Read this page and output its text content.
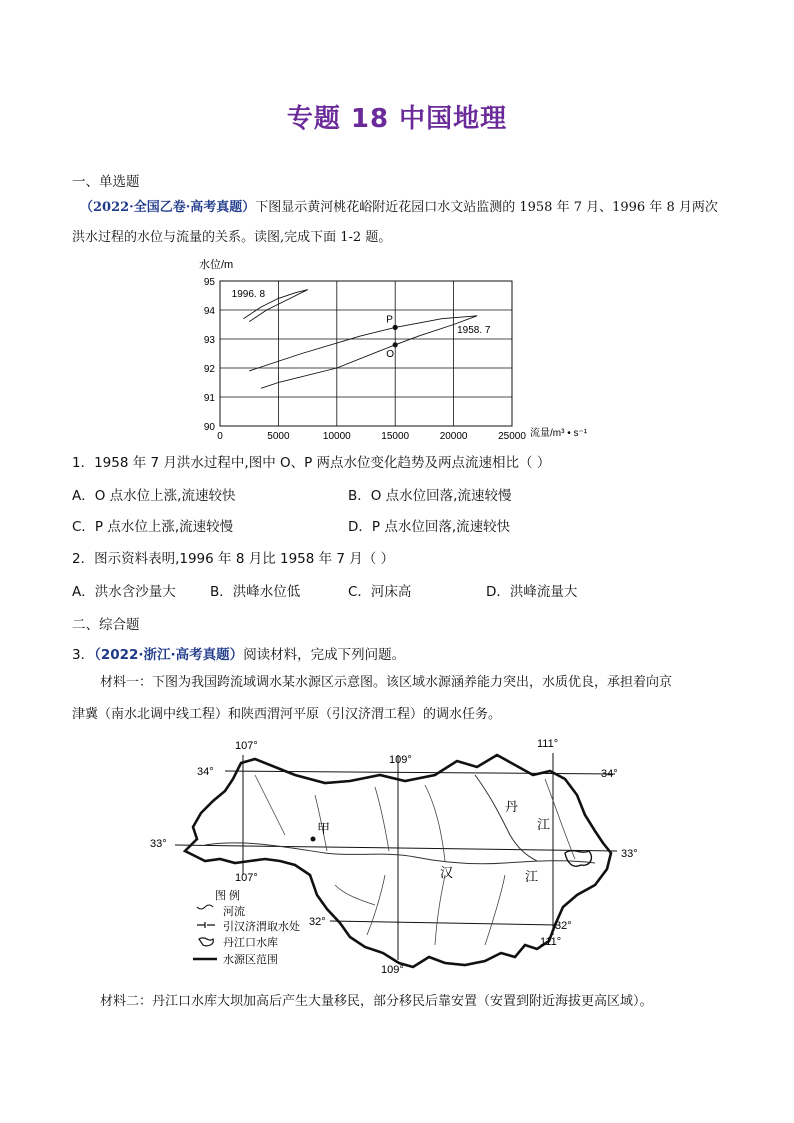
专题 18 中国地理
一、单选题
（2022·全国乙卷·高考真题）下图显示黄河桃花峪附近花园口水文站监测的 1958 年 7 月、1996 年 8 月两次
洪水过程的水位与流量的关系。读图,完成下面 1-2 题。
0	5000	10000	15000	20000	25000
90
91
92
93
94
95
1996. 8
1958. 7
P
O
水位/m
流量/m³ • s⁻¹
1．1958 年 7 月洪水过程中,图中 O、P 两点水位变化趋势及两点流速相比（ ）
A．O 点水位上涨,流速较快	B．O 点水位回落,流速较慢
C．P 点水位上涨,流速较慢	D．P 点水位回落,流速较快
2．图示资料表明,1996 年 8 月比 1958 年 7 月（ ）
A．洪水含沙量大	B．洪峰水位低	C．河床高	D．洪峰流量大
二、综合题
3．（2022·浙江·高考真题）阅读材料，完成下列问题。
材料一：下图为我国跨流域调水某水源区示意图。该区域水源涵养能力突出，水质优良，承担着向京
津冀（南水北调中线工程）和陕西渭河平原（引汉济渭工程）的调水任务。
107°
109°
111°
34°	34°
33°
33°
107°
32°	32°
111°
109°
甲
丹
江
汉	江
图 例
河流
引汉济渭取水处
丹江口水库
水源区范围
材料二：丹江口水库大坝加高后产生大量移民，部分移民后靠安置（安置到附近海拔更高区域）。
